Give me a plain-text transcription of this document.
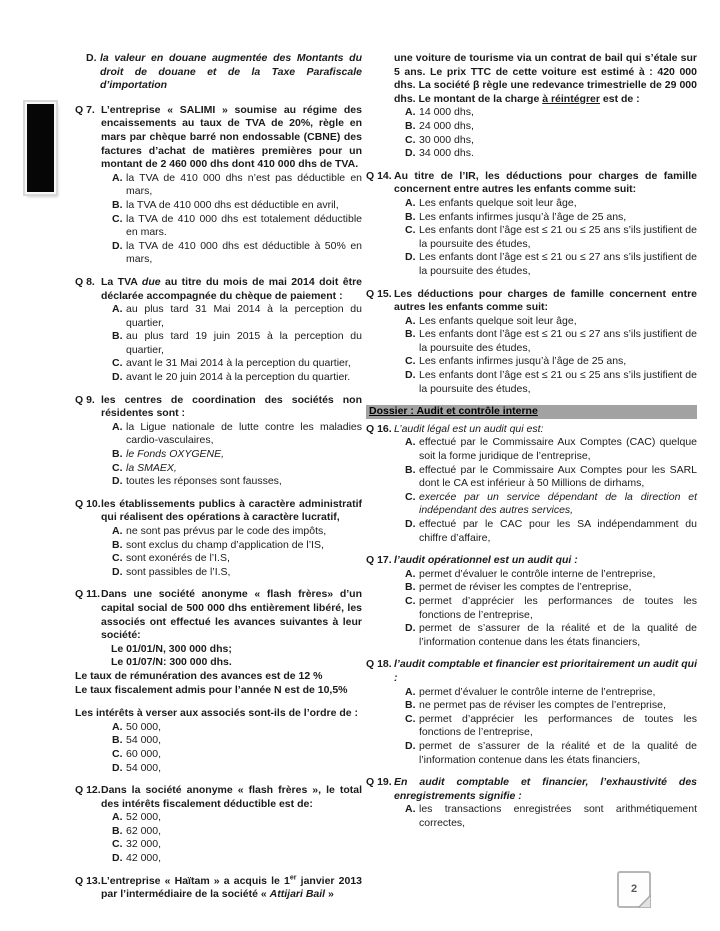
D. la valeur en douane augmentée des Montants du droit de douane et de la Taxe Parafiscale d’importation
Q 7. L’entreprise « SALIMI » soumise au régime des encaissements au taux de TVA de 20%, règle en mars par chèque barré non endossable (CBNE) des factures d’achat de matières premières pour un montant de 2 460 000 dhs dont 410 000 dhs de TVA.
A. la TVA de 410 000 dhs n’est pas déductible en mars,
B. la TVA de 410 000 dhs est déductible en avril,
C. la TVA de 410 000 dhs est totalement déductible en mars.
D. la TVA de 410 000 dhs est déductible à 50% en mars,
Q 8. La TVA due au titre du mois de mai 2014 doit être déclarée accompagnée du chèque de paiement :
A. au plus tard 31 Mai 2014 à la perception du quartier,
B. au plus tard 19 juin 2015 à la perception du quartier,
C. avant le 31 Mai 2014 à la perception du quartier,
D. avant le 20 juin 2014 à la perception du quartier.
Q 9. les centres de coordination des sociétés non résidentes sont :
A. la Ligue nationale de lutte contre les maladies cardio-vasculaires,
B. le Fonds OXYGENE,
C. la SMAEX,
D. toutes les réponses sont fausses,
Q 10. les établissements publics à caractère administratif qui réalisent des opérations à caractère lucratif,
A. ne sont pas prévus par le code des impôts,
B. sont exclus du champ d’application de l’IS,
C. sont exonérés de l’I.S,
D. sont passibles de l’I.S,
Q 11. Dans une société anonyme « flash frères» d’un capital social de 500 000 dhs entièrement libéré, les associés ont effectué les avances suivantes à leur société:
Le 01/01/N, 300 000 dhs;
Le 01/07/N: 300 000 dhs.
Le taux de rémunération des avances est de 12 %
Le taux fiscalement admis pour l’année N est de 10,5%
Les intérêts à verser aux associés sont-ils de l’ordre de :
A. 50 000,
B. 54 000,
C. 60 000,
D. 54 000,
Q 12. Dans la société anonyme « flash frères », le total des intérêts fiscalement déductible est de:
A. 52 000,
B. 62 000,
C. 32 000,
D. 42 000,
Q 13. L’entreprise « Haïtam » a acquis le 1er janvier 2013 par l’intermédiaire de la société « Attijari Bail »
une voiture de tourisme via un contrat de bail qui s’étale sur 5 ans. Le prix TTC de cette voiture est estimé à : 420 000 dhs. La société β règle une redevance trimestrielle de 29 000 dhs. Le montant de la charge à réintégrer est de :
A. 14 000 dhs,
B. 24 000 dhs,
C. 30 000 dhs,
D. 34 000 dhs.
Q 14. Au titre de l’IR, les déductions pour charges de famille concernent entre autres les enfants comme suit:
A. Les enfants quelque soit leur âge,
B. Les enfants infirmes jusqu’à l’âge de 25 ans,
C. Les enfants dont l’âge est ≤ 21 ou ≤ 25 ans s’ils justifient de la poursuite des études,
D. Les enfants dont l’âge est ≤ 21 ou ≤ 27 ans s’ils justifient de la poursuite des études,
Q 15. Les déductions pour charges de famille concernent entre autres les enfants comme suit:
A. Les enfants quelque soit leur âge,
B. Les enfants dont l’âge est ≤ 21 ou ≤ 27 ans s’ils justifient de la poursuite des études,
C. Les enfants infirmes jusqu’à l’âge de 25 ans,
D. Les enfants dont l’âge est ≤ 21 ou ≤ 25 ans s’ils justifient de la poursuite des études,
Dossier : Audit et contrôle interne
Q 16. L’audit légal est un audit qui est:
A. effectué par le Commissaire Aux Comptes (CAC) quelque soit la forme juridique de l’entreprise,
B. effectué par le Commissaire Aux Comptes pour les SARL dont le CA est inférieur à 50 Millions de dirhams,
C. exercée par un service dépendant de la direction et indépendant des autres services,
D. effectué par le CAC pour les SA indépendamment du chiffre d’affaire,
Q 17. l’audit opérationnel est un audit qui :
A. permet d’évaluer le contrôle interne de l’entreprise,
B. permet de réviser les comptes de l’entreprise,
C. permet d’apprécier les performances de toutes les fonctions de l’entreprise,
D. permet de s’assurer de la réalité et de la qualité de l’information contenue dans les états financiers,
Q 18. l’audit comptable et financier est prioritairement un audit qui :
A. permet d’évaluer le contrôle interne de l’entreprise,
B. ne permet pas de réviser les comptes de l’entreprise,
C. permet d’apprécier les performances de toutes les fonctions de l’entreprise,
D. permet de s’assurer de la réalité et de la qualité de l’information contenue dans les états financiers,
Q 19. En audit comptable et financier, l’exhaustivité des enregistrements signifie :
A. les transactions enregistrées sont arithmétiquement correctes,
2
